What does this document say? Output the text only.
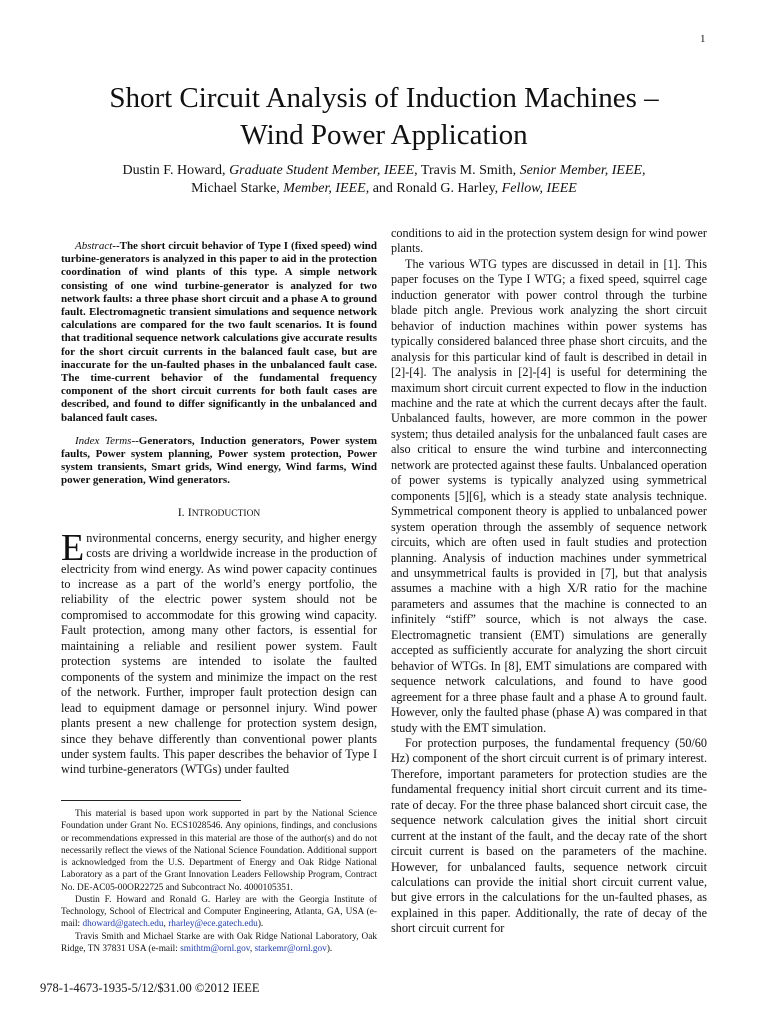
1
Short Circuit Analysis of Induction Machines –
Wind Power Application
Dustin F. Howard, Graduate Student Member, IEEE, Travis M. Smith, Senior Member, IEEE,
Michael Starke, Member, IEEE, and Ronald G. Harley, Fellow, IEEE

Abstract--The short circuit behavior of Type I (fixed speed) wind turbine-generators is analyzed in this paper to aid in the protection coordination of wind plants of this type. A simple network consisting of one wind turbine-generator is analyzed for two network faults: a three phase short circuit and a phase A to ground fault. Electromagnetic transient simulations and sequence network calculations are compared for the two fault scenarios. It is found that traditional sequence network calculations give accurate results for the short circuit currents in the balanced fault case, but are inaccurate for the un-faulted phases in the unbalanced fault case. The time-current behavior of the fundamental frequency component of the short circuit currents for both fault cases are described, and found to differ significantly in the unbalanced and balanced fault cases.

Index Terms--Generators, Induction generators, Power system faults, Power system planning, Power system protection, Power system transients, Smart grids, Wind energy, Wind farms, Wind power generation, Wind generators.

I. INTRODUCTION

Environmental concerns, energy security, and higher energy costs are driving a worldwide increase in the production of electricity from wind energy. As wind power capacity continues to increase as a part of the world’s energy portfolio, the reliability of the electric power system should not be compromised to accommodate for this growing wind capacity. Fault protection, among many other factors, is essential for maintaining a reliable and resilient power system. Fault protection systems are intended to isolate the faulted components of the system and minimize the impact on the rest of the network. Further, improper fault protection design can lead to equipment damage or personnel injury. Wind power plants present a new challenge for protection system design, since they behave differently than conventional power plants under system faults. This paper describes the behavior of Type I wind turbine-generators (WTGs) under faulted

This material is based upon work supported in part by the National Science Foundation under Grant No. ECS1028546. Any opinions, findings, and conclusions or recommendations expressed in this material are those of the author(s) and do not necessarily reflect the views of the National Science Foundation. Additional support is acknowledged from the U.S. Department of Energy and Oak Ridge National Laboratory as a part of the Grant Innovation Leaders Fellowship Program, Contract No. DE-AC05-00OR22725 and Subcontract No. 4000105351.

Dustin F. Howard and Ronald G. Harley are with the Georgia Institute of Technology, School of Electrical and Computer Engineering, Atlanta, GA, USA (e-mail: dhoward@gatech.edu, rharley@ece.gatech.edu).

Travis Smith and Michael Starke are with Oak Ridge National Laboratory, Oak Ridge, TN 37831 USA (e-mail: smithtm@ornl.gov, starkemr@ornl.gov).

conditions to aid in the protection system design for wind power plants.

The various WTG types are discussed in detail in [1]. This paper focuses on the Type I WTG; a fixed speed, squirrel cage induction generator with power control through the turbine blade pitch angle. Previous work analyzing the short circuit behavior of induction machines within power systems has typically considered balanced three phase short circuits, and the analysis for this particular kind of fault is described in detail in [2]-[4]. The analysis in [2]-[4] is useful for determining the maximum short circuit current expected to flow in the induction machine and the rate at which the current decays after the fault. Unbalanced faults, however, are more common in the power system; thus detailed analysis for the unbalanced fault cases are also critical to ensure the wind turbine and interconnecting network are protected against these faults. Unbalanced operation of power systems is typically analyzed using symmetrical components [5][6], which is a steady state analysis technique. Symmetrical component theory is applied to unbalanced power system operation through the assembly of sequence network circuits, which are often used in fault studies and protection planning. Analysis of induction machines under symmetrical and unsymmetrical faults is provided in [7], but that analysis assumes a machine with a high X/R ratio for the machine parameters and assumes that the machine is connected to an infinitely “stiff” source, which is not always the case. Electromagnetic transient (EMT) simulations are generally accepted as sufficiently accurate for analyzing the short circuit behavior of WTGs. In [8], EMT simulations are compared with sequence network calculations, and found to have good agreement for a three phase fault and a phase A to ground fault. However, only the faulted phase (phase A) was compared in that study with the EMT simulation.

For protection purposes, the fundamental frequency (50/60 Hz) component of the short circuit current is of primary interest. Therefore, important parameters for protection studies are the fundamental frequency initial short circuit current and its time-rate of decay. For the three phase balanced short circuit case, the sequence network calculation gives the initial short circuit current at the instant of the fault, and the decay rate of the short circuit current is based on the parameters of the machine. However, for unbalanced faults, sequence network circuit calculations can provide the initial short circuit current value, but give errors in the calculations for the un-faulted phases, as explained in this paper. Additionally, the rate of decay of the short circuit current for

978-1-4673-1935-5/12/$31.00 ©2012 IEEE
